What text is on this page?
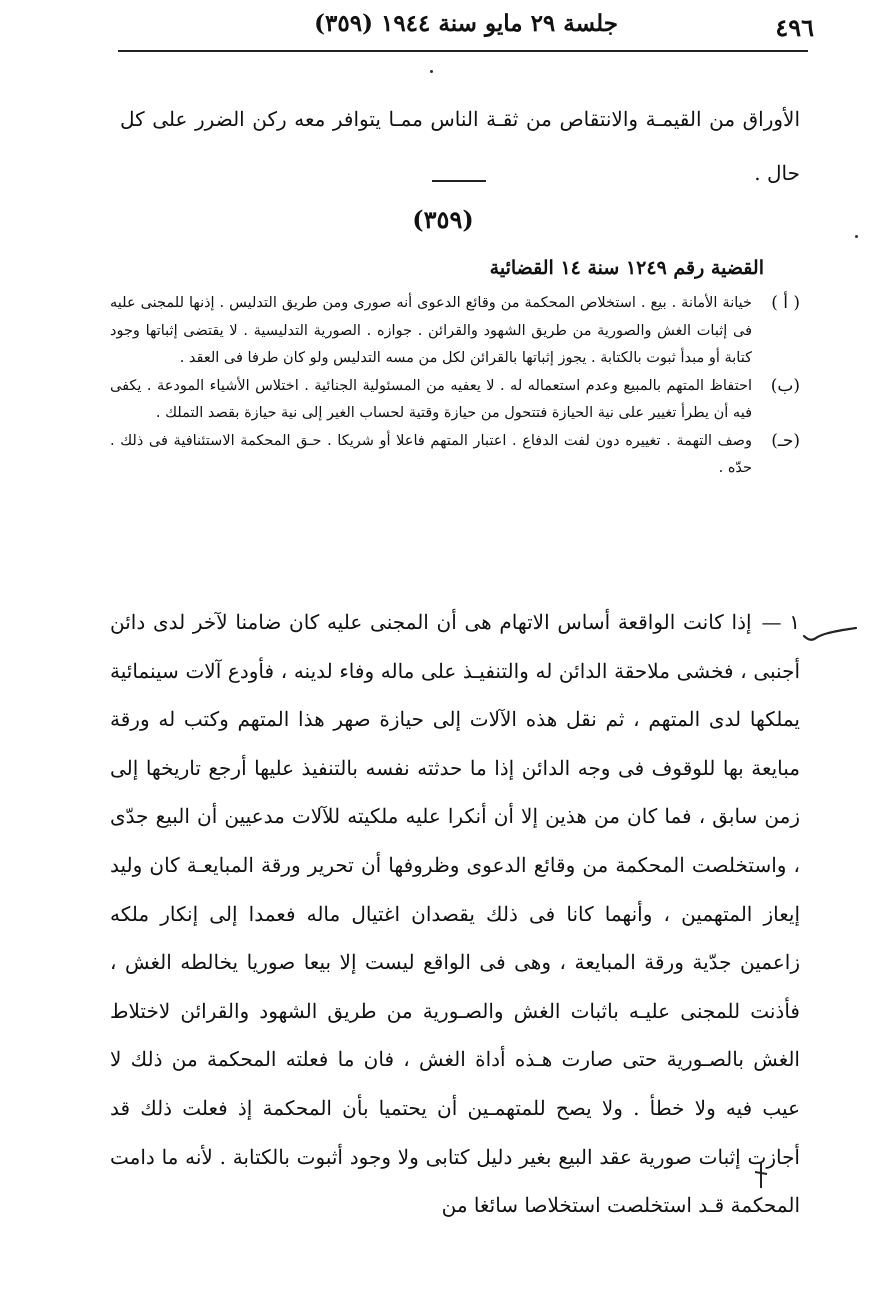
٤٩٦
جلسة ٢٩ مايو سنة ١٩٤٤ (٣٥٩)

الأوراق من القيمـة والانتقاص من ثقـة الناس ممـا يتوافر معه ركن الضرر على كل حال .

(٣٥٩)

القضية رقم ١٢٤٩ سنة ١٤ القضائية

( أ )
خيانة الأمانة . بيع . استخلاص المحكمة من وقائع الدعوى أنه صورى ومن طريق التدليس . إذنها للمجنى عليه فى إثبات الغش والصورية من طريق الشهود والقرائن . جوازه . الصورية التدليسية . لا يقتضى إثباتها وجود كتابة أو مبدأ ثبوت بالكتابة . يجوز إثباتها بالقرائن لكل من مسه التدليس ولو كان طرفا فى العقد .
(ب)
احتفاظ المتهم بالمبيع وعدم استعماله له . لا يعفيه من المسئولية الجنائية . اختلاس الأشياء المودعة . يكفى فيه أن يطرأ تغيير على نية الحيازة فتتحول من حيازة وقتية لحساب الغير إلى نية حيازة بقصد التملك .
(حـ)
وصف التهمة . تغييره دون لفت الدفاع . اعتبار المتهم فاعلا أو شريكا . حـق المحكمة الاستئنافية فى ذلك . حدّه .

١ —إذا كانت الواقعة أساس الاتهام هى أن المجنى عليه كان ضامنا لآخر لدى دائن أجنبى ، فخشى ملاحقة الدائن له والتنفيـذ على ماله وفاء لدينه ، فأودع آلات سينمائية يملكها لدى المتهم ، ثم نقل هذه الآلات إلى حيازة صهر هذا المتهم وكتب له ورقة مبايعة بها للوقوف فى وجه الدائن إذا ما حدثته نفسه بالتنفيذ عليها أرجع تاريخها إلى زمن سابق ، فما كان من هذين إلا أن أنكرا عليه ملكيته للآلات مدعيين أن البيع جدّى ، واستخلصت المحكمة من وقائع الدعوى وظروفها أن تحرير ورقة المبايعـة كان وليد إيعاز المتهمين ، وأنهما كانا فى ذلك يقصدان اغتيال ماله فعمدا إلى إنكار ملكه زاعمين جدّية ورقة المبايعة ، وهى فى الواقع ليست إلا بيعا صوريا يخالطه الغش ، فأذنت للمجنى عليـه باثبات الغش والصـورية من طريق الشهود والقرائن لاختلاط الغش بالصـورية حتى صارت هـذه أداة الغش ، فان ما فعلته المحكمة من ذلك لا عيب فيه ولا خطأ . ولا يصح للمتهمـين أن يحتميا بأن المحكمة إذ فعلت ذلك قد أجازت إثبات صورية عقد البيع بغير دليل كتابى ولا وجود أثبوت بالكتابة . لأنه ما دامت المحكمة قـد استخلصت استخلاصا سائغا من
